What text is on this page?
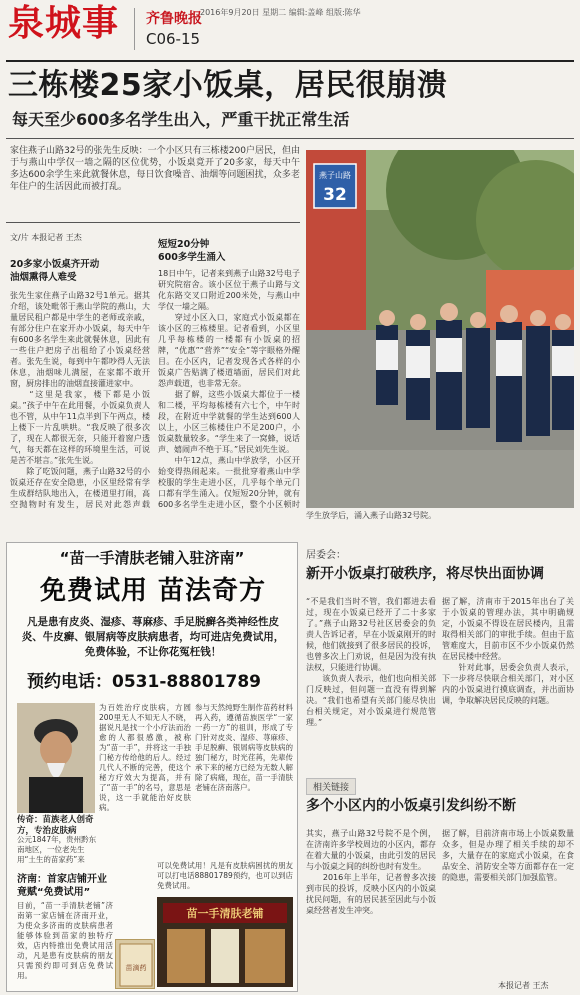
泉城事 齐鲁晚报
2016年9月20日 星期二 编辑:盖峰 组版:陈华
C06-15
三栋楼25家小饭桌，居民很崩溃
每天至少600多名学生出入，严重干扰正常生活
家住燕子山路32号的张先生反映：一个小区只有三栋楼200户居民，但由于与燕山中学仅一墙之隔的区位优势，小饭桌竟开了20多家，每天中午多达600余学生来此就餐休息，每日饮食噪音、油烟等问题困扰，众多老年住户的生活因此而被打乱。
文/片 本报记者 王杰
20多家小饭桌齐开动
油烟熏得人难受
张先生家住燕子山路32号1单元。据其介绍，该处毗邻于燕山学院的燕山，大量居民租户都是中学生的老师或亲戚，有部分住户在家开办小饭桌，每天中午有600多名学生来此就餐休息，因此有一些住户把房子出租给了小饭桌经营者。张先生说，每到中午都吵得人无法休息，油烟味儿满屋，在家都不敢开窗，厨房排出的油烟直接灌进家中。
　　“这里是我家，楼下都是小饭桌。”孩子中午在此用餐，小饭桌负责人也不管，从中午11点半到下午两点，楼上楼下一片乱哄哄。“我反映了很多次了，现在人都很无奈，只能开着窗户透气，每天都在这样的环境里生活，可说是苦不堪言。”张先生说。
　　除了吃饭问题，燕子山路32号的小饭桌还存在安全隐患，小区里经常有学生成群结队地出入，在楼道里打闹，高空抛物时有发生，居民对此怨声载

短短20分钟
600多学生涌入
18日中午，记者来到燕子山路32号电子研究院宿舍。该小区位于燕子山路与文化东路交叉口附近200米处，与燕山中学仅一墙之隔。
　　穿过小区入口，家庭式小饭桌都在该小区的三栋楼里。记者看到，小区里几乎每栋楼的一楼都有小饭桌的招牌，“优惠”“营养”“安全”等字眼格外醒目。在小区内，记者发现各式各样的小饭桌广告贴满了楼道墙面，居民们对此怨声载道，也非常无奈。
　　据了解，这些小饭桌大都位于一楼和二楼，平均每栋楼有六七个，中午时段，在附近中学就餐的学生达到600人以上，小区三栋楼住户不足200户，小饭桌数量较多。“学生来了一窝蜂，说话声、嬉闹声不绝于耳。”居民刘先生说。
　　中午12点，燕山中学放学，小区开始变得热闹起来。一批批穿着燕山中学校服的学生走进小区，几乎每个单元门口都有学生涌入。仅短短20分钟，就有600多名学生走进小区，整个小区顿时
燕子山路
32
学生放学后，涌入燕子山路32号院。
“苗一手清肤老铺入驻济南”
免费试用 苗法奇方
凡是患有皮炎、湿疹、荨麻疹、手足脱癣各类神经性皮炎、牛皮癣、银屑病等皮肤病患者，均可进店免费试用，免费体验，不让你花冤枉钱！
预约电话：0531-88801789
传奇：苗族老人创奇方，专治皮肤病
公元1847年，贵州黔东南地区，一位老先生用“土生的苗家药”来
为百姓治疗皮肤病，方圆200里无人不知无人不晓，据说凡是找一个小疗法而治愈的人都很感激，被称为“苗一手”，并将这一手独门秘方传给他的后人。经过几代人不断的完善，使这个秘方疗效大为提高，并有了“苗一手”的名号，意思是说，这一手就能治好皮肤病。
参与天然纯野生制作苗药材料再入药，遵循苗族医学“一家一药一方”的祖训，形成了专门针对皮炎、湿疹、荨麻疹、手足脱癣、银屑病等皮肤病的独门秘方，时光荏苒，先辈传承下来的秘方已经为无数人解除了病痛，现在，苗一手清肤老铺在济南落户。
济南：首家店铺开业
竟赋“免费试用”
目前，“苗一手清肤老铺”济南第一家店铺在济南开业，为使众多济南的皮肤病患者能够体验到苗家的独特疗效，店内特推出免费试用活动，凡是患有皮肤病的朋友只需预约即可到店免费试用。
可以免费试用！凡是有皮肤病困扰的朋友可以打电话88801789预约，也可以到店免费试用。
苗滴药
苗一手清肤老铺
居委会：
新开小饭桌打破秩序，将尽快出面协调
“不是我们当时不管，我们都进去看过，现在小饭桌已经开了二十多家了。”燕子山路32号社区居委会的负责人告诉记者，早在小饭桌刚开的时候，他们就接到了很多居民的投诉，也曾多次上门劝说，但是因为没有执法权，只能进行协调。
　　该负责人表示，他们也向相关部门反映过，但问题一直没有得到解决。“我们也希望有关部门能尽快出台相关规定，对小饭桌进行规范管理。”
据了解，济南市于2015年出台了关于小饭桌的管理办法，其中明确规定，小饭桌不得设在居民楼内，且需取得相关部门的审批手续。但由于监管难度大，目前市区不少小饭桌仍然在居民楼中经营。
　　针对此事，居委会负责人表示，下一步将尽快联合相关部门，对小区内的小饭桌进行摸底调查，并出面协调，争取解决居民反映的问题。
相关链接
多个小区内的小饭桌引发纠纷不断
其实，燕子山路32号院不是个例，在济南许多学校周边的小区内，都存在着大量的小饭桌，由此引发的居民与小饭桌之间的纠纷也时有发生。
　　2016年上半年，记者曾多次接到市民的投诉，反映小区内的小饭桌扰民问题，有的居民甚至因此与小饭桌经营者发生冲突。
据了解，目前济南市场上小饭桌数量众多，但是办理了相关手续的却不多，大量存在的家庭式小饭桌，在食品安全、消防安全等方面都存在一定的隐患，需要相关部门加强监管。
本报记者 王杰
